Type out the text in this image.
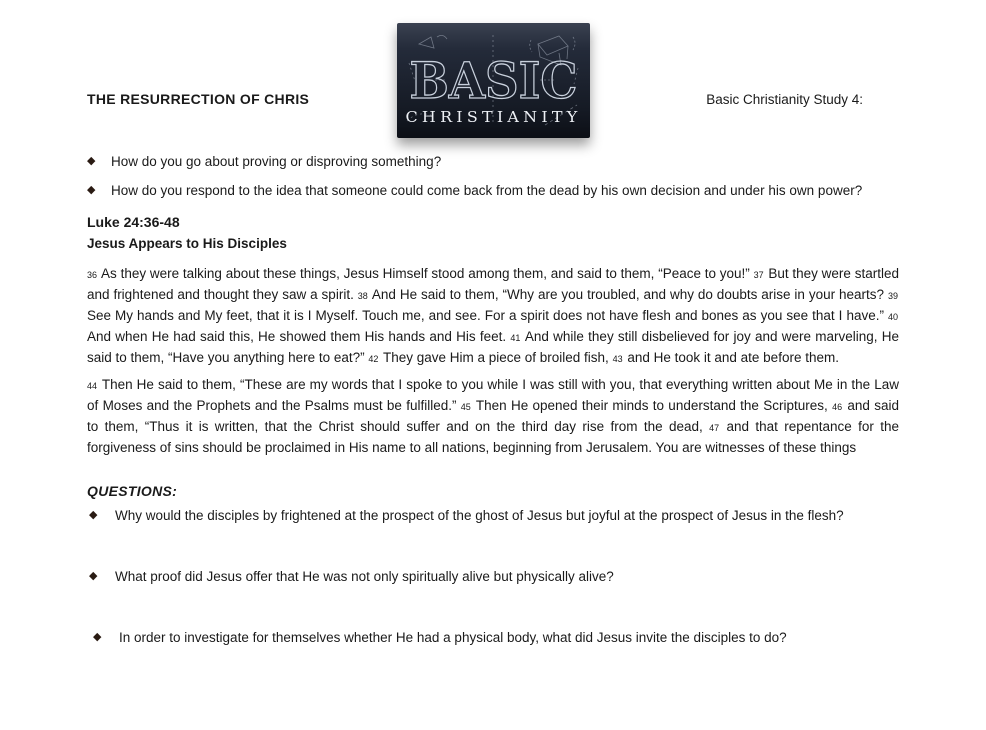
BASIC
CHRISTIANITY
THE RESURRECTION OF CHRIS	Basic Christianity Study 4:
◆	How do you go about proving or disproving something?
◆	How do you respond to the idea that someone could come back from the dead by his own decision and under his own power?
Luke 24:36-48
Jesus Appears to His Disciples

36 As they were talking about these things, Jesus Himself stood among them, and said to them, “Peace to you!” 37 But they were startled and frightened and thought they saw a spirit. 38 And He said to them, “Why are you troubled, and why do doubts arise in your hearts? 39 See My hands and My feet, that it is I Myself. Touch me, and see. For a spirit does not have flesh and bones as you see that I have.” 40 And when He had said this, He showed them His hands and His feet. 41 And while they still disbelieved for joy and were marveling, He said to them, “Have you anything here to eat?” 42 They gave Him a piece of broiled fish, 43 and He took it and ate before them.

44 Then He said to them, “These are my words that I spoke to you while I was still with you, that everything written about Me in the Law of Moses and the Prophets and the Psalms must be fulfilled.” 45 Then He opened their minds to understand the Scriptures, 46 and said to them, “Thus it is written, that the Christ should suffer and on the third day rise from the dead, 47 and that repentance for the forgiveness of sins should be proclaimed in His name to all nations, beginning from Jerusalem. You are witnesses of these things

QUESTIONS:
◆	Why would the disciples by frightened at the prospect of the ghost of Jesus but joyful at the prospect of Jesus in the flesh?
◆	What proof did Jesus offer that He was not only spiritually alive but physically alive?
◆	In order to investigate for themselves whether He had a physical body, what did Jesus invite the disciples to do?
